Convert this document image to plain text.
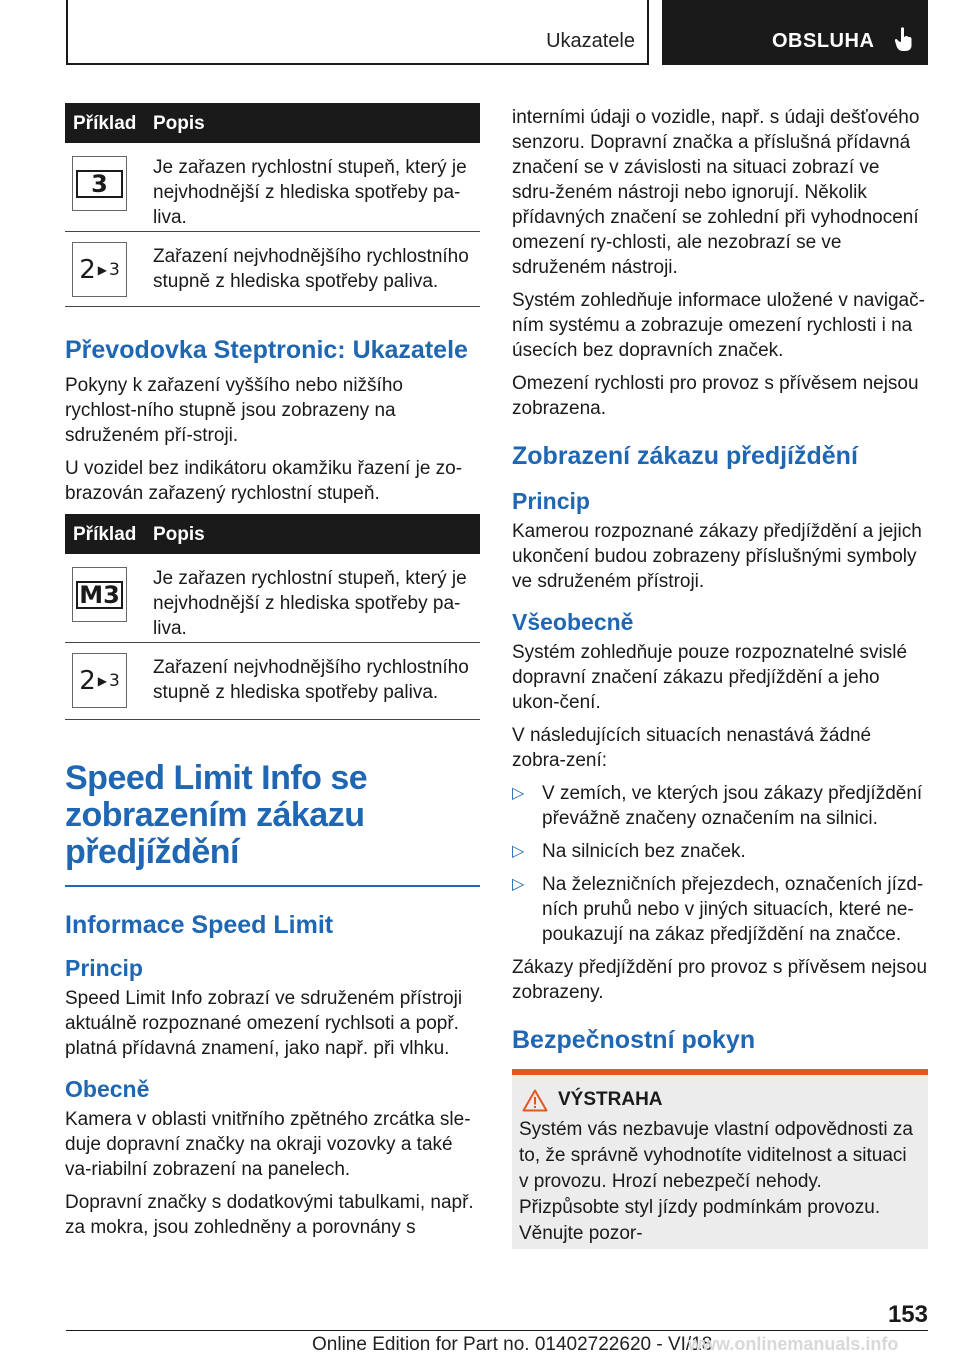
Ukazatele	OBSLUHA
Příklad Popis
3
Je zařazen rychlostní stupeň, který je nejvhodnější z hlediska spotřeby pa-liva.
2 ▶ 3
Zařazení nejvhodnějšího rychlostního stupně z hlediska spotřeby paliva.
Převodovka Steptronic: Ukazatele

Pokyny k zařazení vyššího nebo nižšího rychlost-ního stupně jsou zobrazeny na sdruženém pří-stroji.

U vozidel bez indikátoru okamžiku řazení je zo-brazován zařazený rychlostní stupeň.

Příklad Popis
M3
Je zařazen rychlostní stupeň, který je nejvhodnější z hlediska spotřeby pa-liva.
2 ▶ 3
Zařazení nejvhodnějšího rychlostního stupně z hlediska spotřeby paliva.
Speed Limit Info se zobrazením zákazu předjíždění
Informace Speed Limit
Princip

Speed Limit Info zobrazí ve sdruženém přístroji aktuálně rozpoznané omezení rychlsoti a popř. platná přídavná znamení, jako např. při vlhku.

Obecně

Kamera v oblasti vnitřního zpětného zrcátka sle-duje dopravní značky na okraji vozovky a také va-riabilní zobrazení na panelech.

Dopravní značky s dodatkovými tabulkami, např. za mokra, jsou zohledněny a porovnány s

interními údaji o vozidle, např. s údaji dešťového senzoru. Dopravní značka a příslušná přídavná značení se v závislosti na situaci zobrazí ve sdru-ženém nástroji nebo ignorují. Několik přídavných značení se zohlední při vyhodnocení omezení ry-chlosti, ale nezobrazí se ve sdruženém nástroji.

Systém zohledňuje informace uložené v navigač-ním systému a zobrazuje omezení rychlosti i na úsecích bez dopravních značek.

Omezení rychlosti pro provoz s přívěsem nejsou zobrazena.

Zobrazení zákazu předjíždění
Princip

Kamerou rozpoznané zákazy předjíždění a jejich ukončení budou zobrazeny příslušnými symboly ve sdruženém přístroji.

Všeobecně

Systém zohledňuje pouze rozpoznatelné svislé dopravní značení zákazu předjíždění a jeho ukon-čení.

V následujících situacích nenastává žádné zobra-zení:

▷ V zemích, ve kterých jsou zákazy předjíždění převážně značeny označením na silnici.
▷ Na silnicích bez značek.
▷ Na železničních přejezdech, označeních jízd-ních pruhů nebo v jiných situacích, které ne-poukazují na zákaz předjíždění na značce.

Zákazy předjíždění pro provoz s přívěsem nejsou zobrazeny.

Bezpečnostní pokyn
VÝSTRAHA
Systém vás nezbavuje vlastní odpovědnosti za to, že správně vyhodnotíte viditelnost a situaci v provozu. Hrozí nebezpečí nehody. Přizpůsobte styl jízdy podmínkám provozu. Věnujte pozor-
153
Online Edition for Part no. 01402722620 - VI/18
www.onlinemanuals.info
